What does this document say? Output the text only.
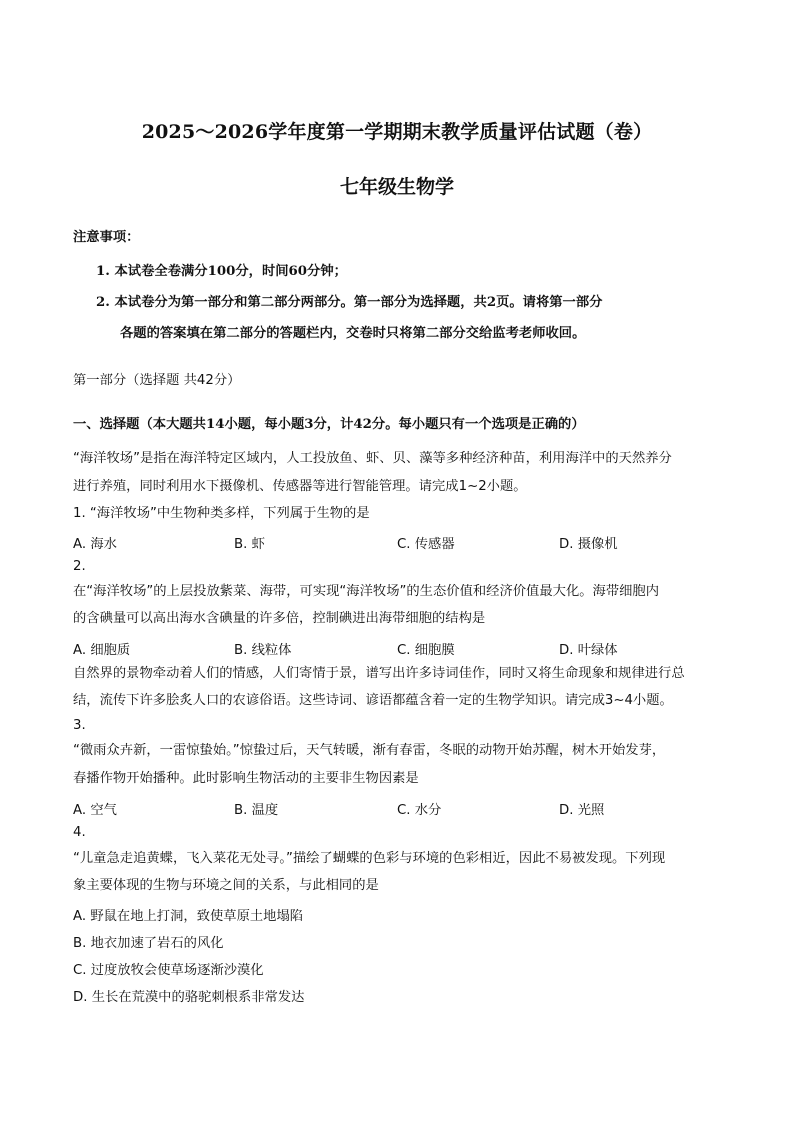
2025～2026学年度第一学期期末教学质量评估试题（卷）
七年级生物学
注意事项：
1. 本试卷全卷满分100分，时间60分钟；
2. 本试卷分为第一部分和第二部分两部分。第一部分为选择题，共2页。请将第一部分
各题的答案填在第二部分的答题栏内，交卷时只将第二部分交给监考老师收回。
第一部分（选择题 共42分）
一、选择题（本大题共14小题，每小题3分，计42分。每小题只有一个选项是正确的）
“海洋牧场”是指在海洋特定区域内，人工投放鱼、虾、贝、藻等多种经济种苗，利用海洋中的天然养分
进行养殖，同时利用水下摄像机、传感器等进行智能管理。请完成1~2小题。
1. “海洋牧场”中生物种类多样，下列属于生物的是
A. 海水	B. 虾	C. 传感器	D. 摄像机
2.
在“海洋牧场”的上层投放紫菜、海带，可实现“海洋牧场”的生态价值和经济价值最大化。海带细胞内
的含碘量可以高出海水含碘量的许多倍，控制碘进出海带细胞的结构是
A. 细胞质	B. 线粒体	C. 细胞膜	D. 叶绿体
自然界的景物牵动着人们的情感，人们寄情于景，谱写出许多诗词佳作，同时又将生命现象和规律进行总
结，流传下许多脍炙人口的农谚俗语。这些诗词、谚语都蕴含着一定的生物学知识。请完成3~4小题。
3.
“微雨众卉新，一雷惊蛰始。”惊蛰过后，天气转暖，渐有春雷，冬眠的动物开始苏醒，树木开始发芽，
春播作物开始播种。此时影响生物活动的主要非生物因素是
A. 空气	B. 温度	C. 水分	D. 光照
4.
“儿童急走追黄蝶，飞入菜花无处寻。”描绘了蝴蝶的色彩与环境的色彩相近，因此不易被发现。下列现
象主要体现的生物与环境之间的关系，与此相同的是
A. 野鼠在地上打洞，致使草原土地塌陷
B. 地衣加速了岩石的风化
C. 过度放牧会使草场逐渐沙漠化
D. 生长在荒漠中的骆驼刺根系非常发达
